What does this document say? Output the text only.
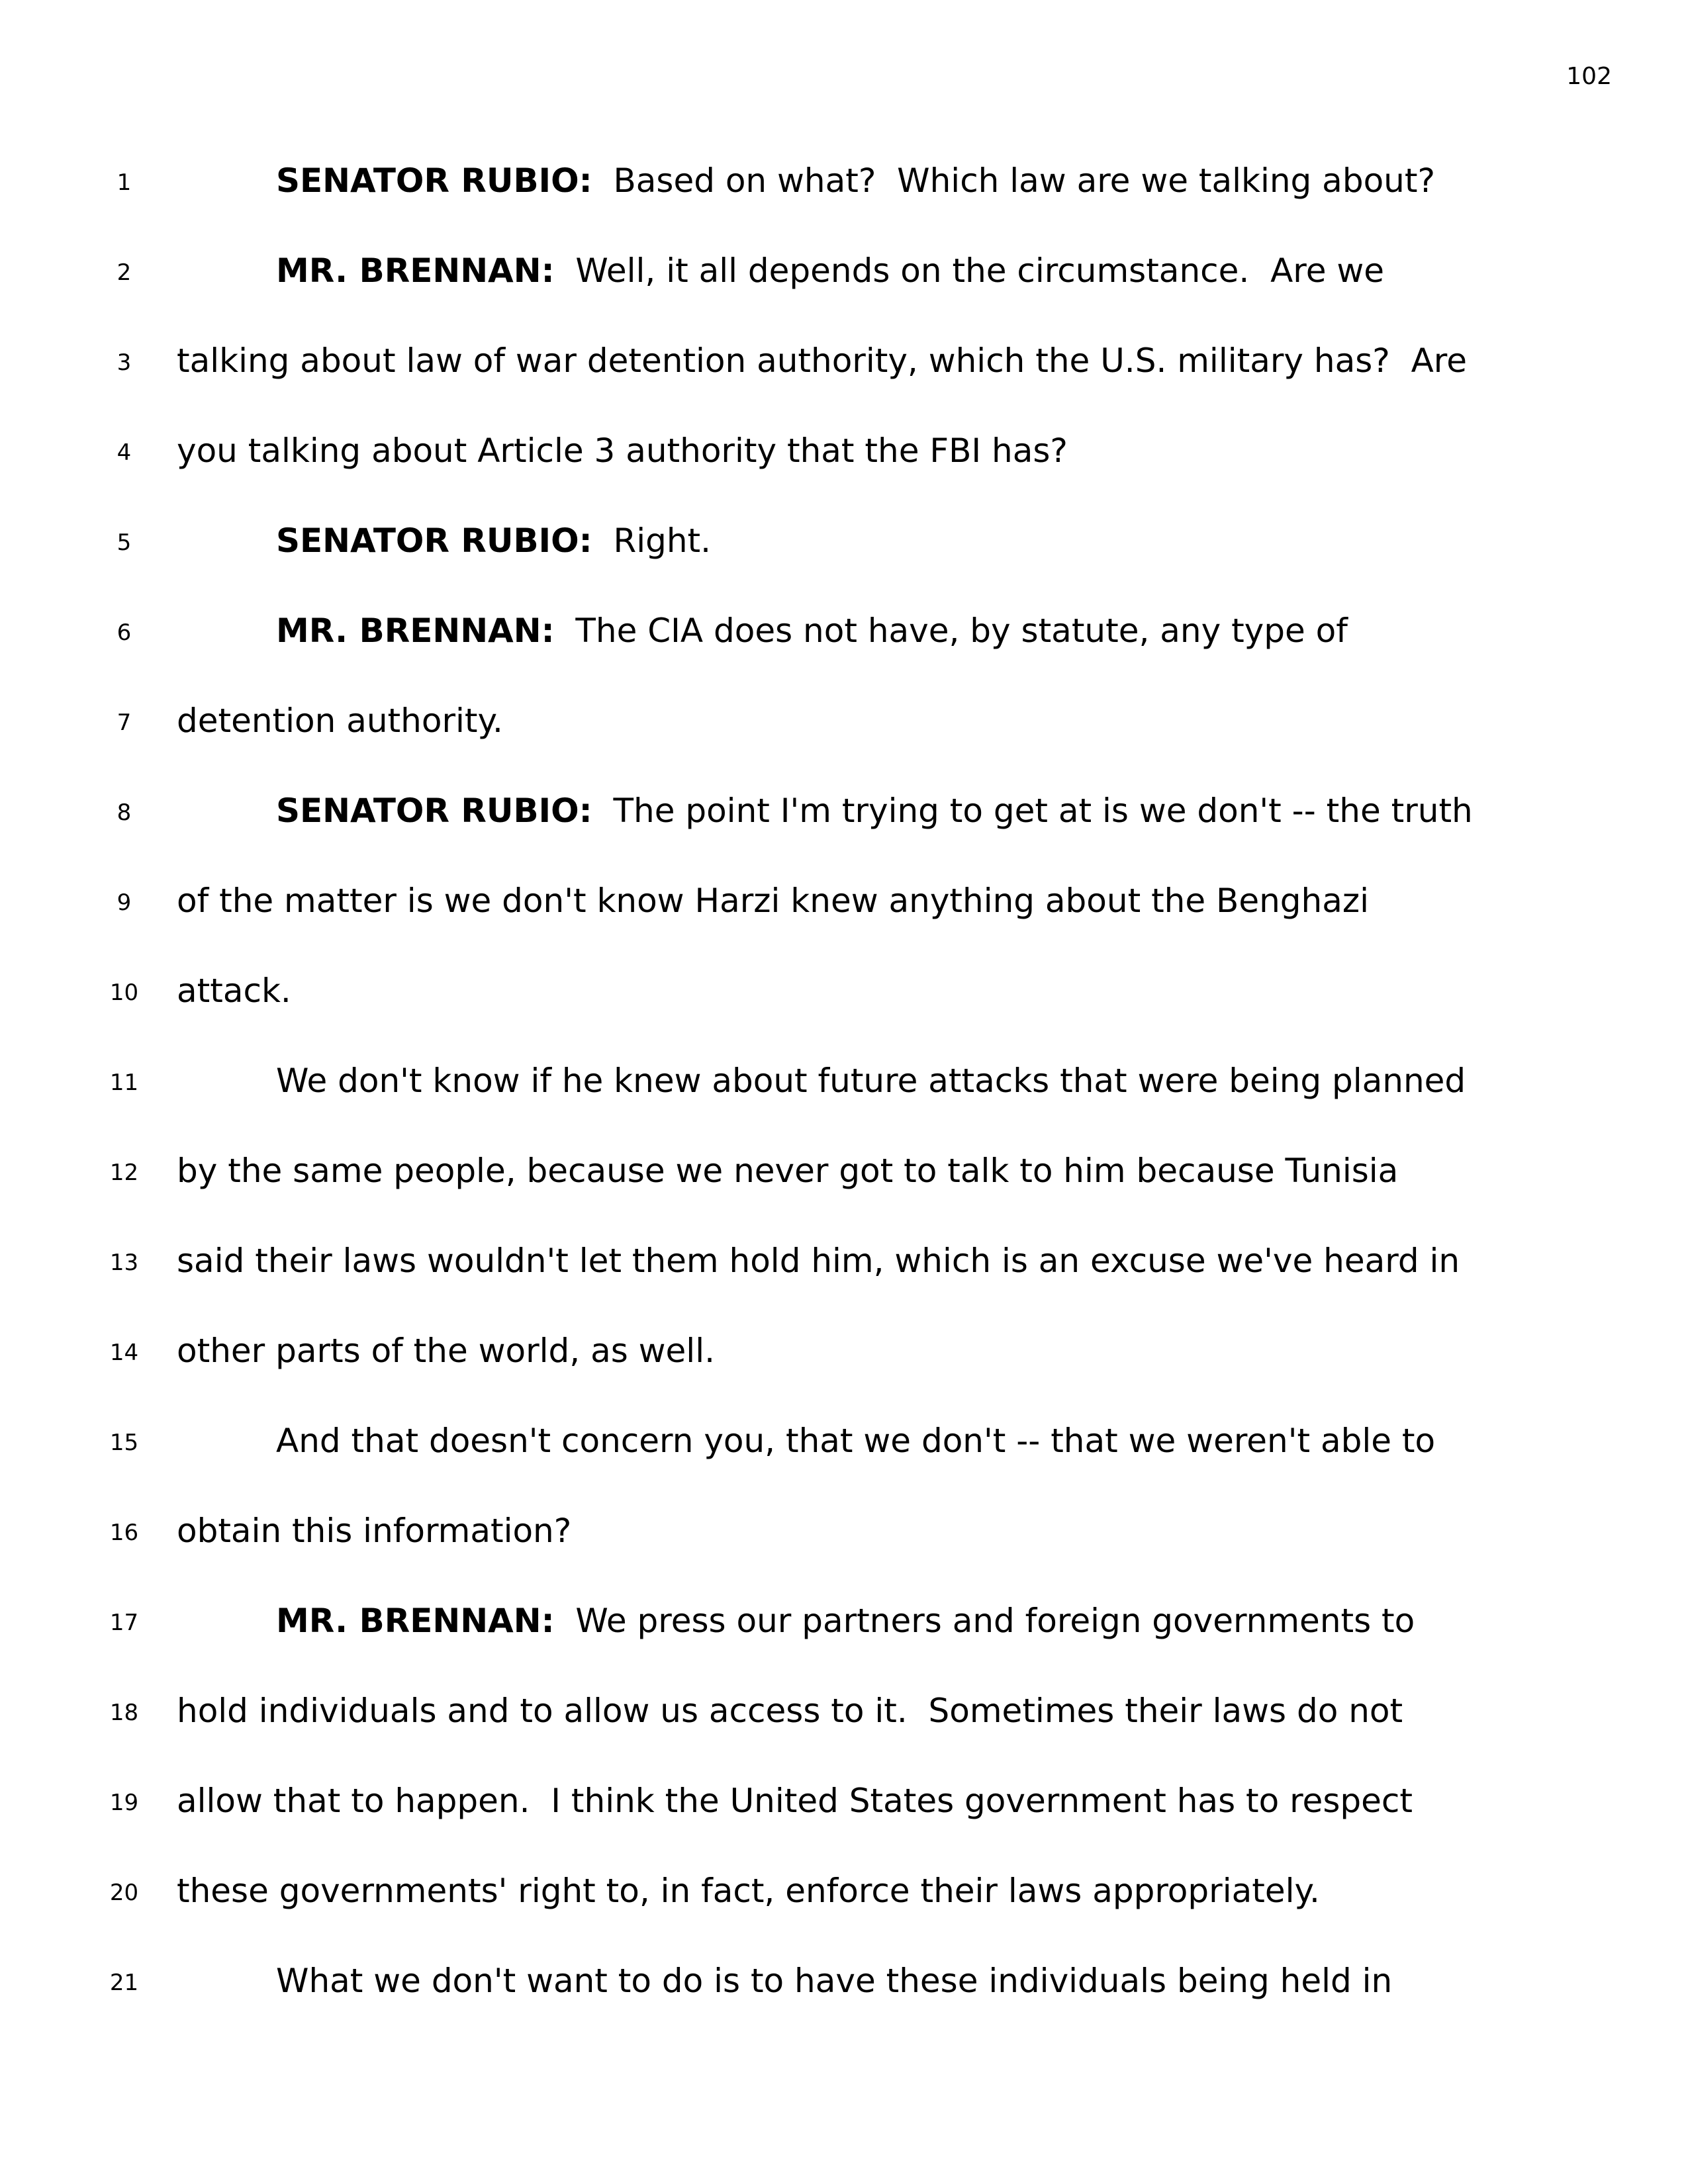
102
1	SENATOR RUBIO:  Based on what?  Which law are we talking about?
2	MR. BRENNAN:  Well, it all depends on the circumstance.  Are we
3	talking about law of war detention authority, which the U.S. military has?  Are
4	you talking about Article 3 authority that the FBI has?
5	SENATOR RUBIO:  Right.
6	MR. BRENNAN:  The CIA does not have, by statute, any type of
7	detention authority.
8	SENATOR RUBIO:  The point I'm trying to get at is we don't -- the truth
9	of the matter is we don't know Harzi knew anything about the Benghazi
10	attack.
11	We don't know if he knew about future attacks that were being planned
12	by the same people, because we never got to talk to him because Tunisia
13	said their laws wouldn't let them hold him, which is an excuse we've heard in
14	other parts of the world, as well.
15	And that doesn't concern you, that we don't -- that we weren't able to
16	obtain this information?
17	MR. BRENNAN:  We press our partners and foreign governments to
18	hold individuals and to allow us access to it.  Sometimes their laws do not
19	allow that to happen.  I think the United States government has to respect
20	these governments' right to, in fact, enforce their laws appropriately.
21	What we don't want to do is to have these individuals being held in
